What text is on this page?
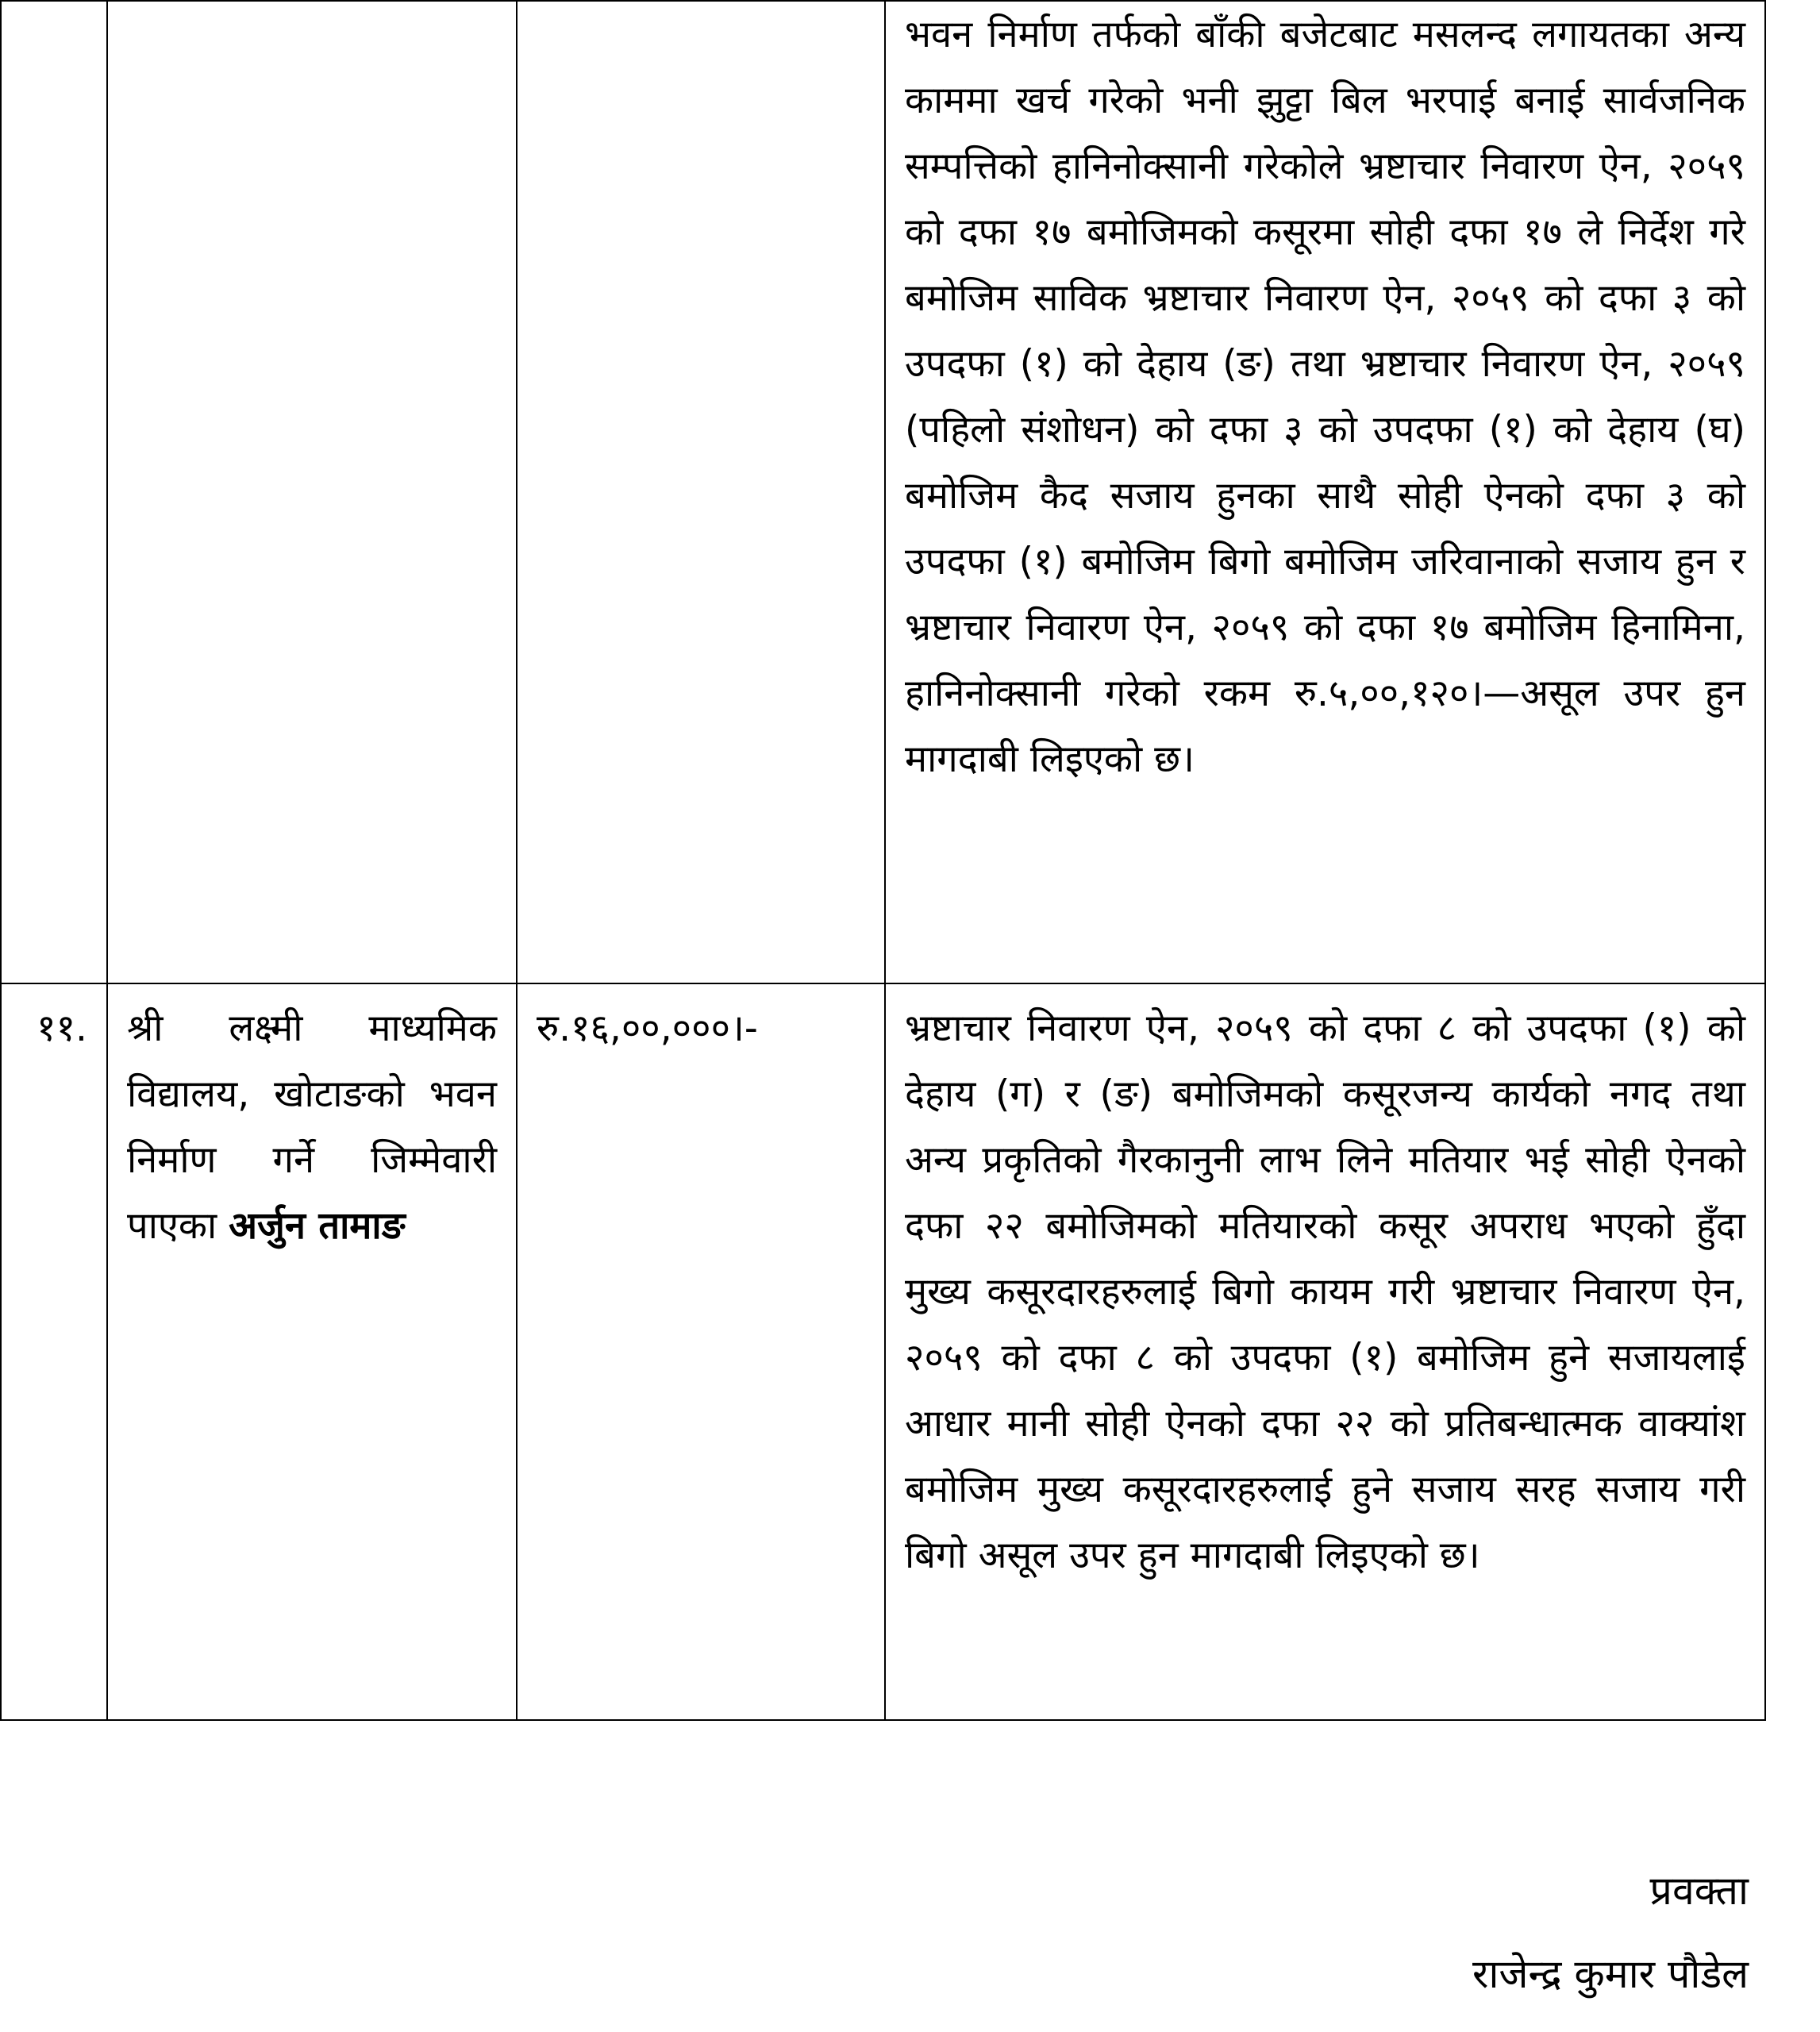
			भवन निर्माण तर्फको बाँकी बजेटबाट मसलन्द लगायतका अन्य काममा खर्च गरेको भनी झुट्टा बिल भरपाई बनाई सार्वजनिक सम्पत्तिको हानिनोक्सानी गरेकोले भ्रष्टाचार निवारण ऐन, २०५९ को दफा १७ बमोजिमको कसूरमा सोही दफा १७ ले निर्देश गरे बमोजिम साविक भ्रष्टाचार निवारण ऐन, २०५९ को दफा ३ को उपदफा (१) को देहाय (ङ) तथा भ्रष्टाचार निवारण ऐन, २०५९ (पहिलो संशोधन) को दफा ३ को उपदफा (१) को देहाय (घ) बमोजिम कैद सजाय हुनका साथै सोही ऐनको दफा ३ को उपदफा (१) बमोजिम बिगो बमोजिम जरिवानाको सजाय हुन र भ्रष्टाचार निवारण ऐन, २०५९ को दफा १७ बमोजिम हिनामिना, हानिनोक्सानी गरेको रकम रु.५,००,१२०।—असूल उपर हुन मागदाबी लिइएको छ।
११.	श्री लक्ष्मी माध्यमिक विद्यालय, खोटाङको भवन निर्माण गर्ने जिम्मेवारी पाएका अर्जुन तामाङ	रु.१६,००,०००।-	भ्रष्टाचार निवारण ऐन, २०५९ को दफा ८ को उपदफा (१) को देहाय (ग) र (ङ) बमोजिमको कसूरजन्य कार्यको नगद तथा अन्य प्रकृतिको गैरकानुनी लाभ लिने मतियार भई सोही ऐनको दफा २२ बमोजिमको मतियारको कसूर अपराध भएको हुँदा मुख्य कसूरदारहरुलाई बिगो कायम गरी भ्रष्टाचार निवारण ऐन, २०५९ को दफा ८ को उपदफा (१) बमोजिम हुने सजायलाई आधार मानी सोही ऐनको दफा २२ को प्रतिबन्धात्मक वाक्यांश बमोजिम मुख्य कसूरदारहरुलाई हुने सजाय सरह सजाय गरी बिगो असूल उपर हुन मागदाबी लिइएको छ।
प्रवक्ता
राजेन्द्र कुमार पौडेल
